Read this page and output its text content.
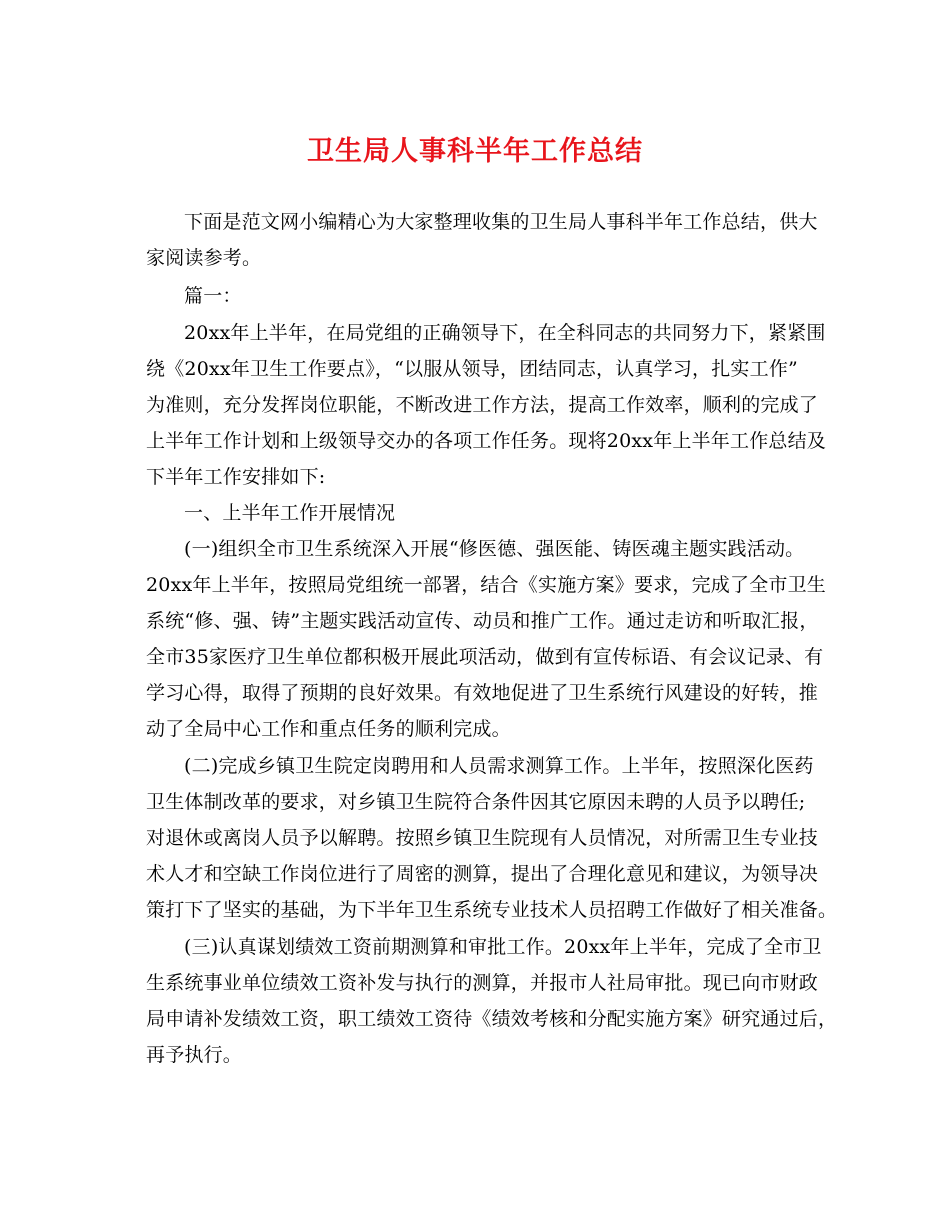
卫生局人事科半年工作总结
下面是范文网小编精心为大家整理收集的卫生局人事科半年工作总结，供大
家阅读参考。
篇一：
20xx年上半年，在局党组的正确领导下，在全科同志的共同努力下，紧紧围
绕《20xx年卫生工作要点》，“以服从领导，团结同志，认真学习，扎实工作”
为准则，充分发挥岗位职能，不断改进工作方法，提高工作效率，顺利的完成了
上半年工作计划和上级领导交办的各项工作任务。现将20xx年上半年工作总结及
下半年工作安排如下:
一、上半年工作开展情况
(一)组织全市卫生系统深入开展“修医德、强医能、铸医魂主题实践活动。
20xx年上半年，按照局党组统一部署，结合《实施方案》要求，完成了全市卫生
系统“修、强、铸”主题实践活动宣传、动员和推广工作。通过走访和听取汇报，
全市35家医疗卫生单位都积极开展此项活动，做到有宣传标语、有会议记录、有
学习心得，取得了预期的良好效果。有效地促进了卫生系统行风建设的好转，推
动了全局中心工作和重点任务的顺利完成。
(二)完成乡镇卫生院定岗聘用和人员需求测算工作。上半年，按照深化医药
卫生体制改革的要求，对乡镇卫生院符合条件因其它原因未聘的人员予以聘任;
对退休或离岗人员予以解聘。按照乡镇卫生院现有人员情况，对所需卫生专业技
术人才和空缺工作岗位进行了周密的测算，提出了合理化意见和建议，为领导决
策打下了坚实的基础，为下半年卫生系统专业技术人员招聘工作做好了相关准备。
(三)认真谋划绩效工资前期测算和审批工作。20xx年上半年，完成了全市卫
生系统事业单位绩效工资补发与执行的测算，并报市人社局审批。现已向市财政
局申请补发绩效工资，职工绩效工资待《绩效考核和分配实施方案》研究通过后，
再予执行。
